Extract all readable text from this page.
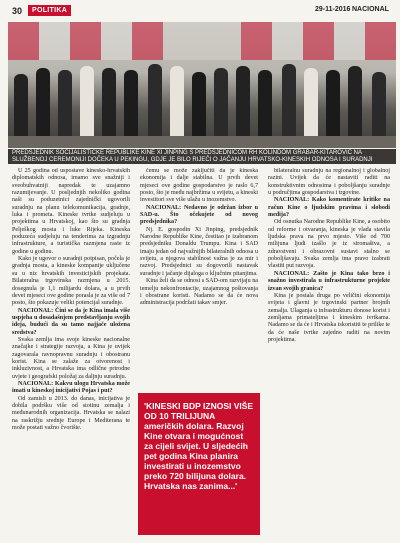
30	POLITIKA	29-11-2016 NACIONAL
PREDSJEDNIK SOCIJALISTIČKE REPUBLIKE KINE XI JINPING S PREDSJEDNICOM RH KOLINDOM GRABAR-KITAROVIĆ NA SLUŽBENOJ CEREMONIJI DOČEKA U PEKINGU, GDJE JE BILO RIJEČI O JAČANJU HRVATSKO-KINESKIH ODNOSA I SURADNJI

U 25 godina od uspostave kinesko-hrvatskih diplomatskih odnosa, imamo sve snažniji i sveobuhvatniji napredak te uzajamno razumijevanje. U posljednjih nekoliko godina naši su poduzetnici zajednički ugovorili suradnju na planu telekomunikacija, gradnje, luka i prometa. Kineske tvrtke sudjeluju u projektima u Hrvatskoj, kao što su gradnja Pelješkog mosta i luke Rijeka. Kineska poduzeća sudjeluju na tenderima za izgradnju infrastrukture, a turistička razmjena raste iz godine u godinu.

Kako je ugovor o suradnji potpisan, počela je gradnja mosta, a kineske kompanije uključene su u niz hrvatskih investicijskih projekata. Bilateralna trgovinska razmjena u 2015. dosegnula je 1,1 milijardu dolara, a u prvih devet mjeseci ove godine porasla je za više od 7 posto, što pokazuje veliki potencijal suradnje.

NACIONAL: Čini se da je Kina imala više uspjeha u dosadašnjem predstavljanju svojih ideja, budući da su tamo najjače uložena sredstva?

Svaka zemlja ima svoje kineske nacionalne značajke i strategije razvoja, a Kina je uvijek zagovarala ravnopravnu suradnju i obostranu korist. Kina se zalaže za otvorenost i inkluzivnost, a Hrvatska ima odlične prirodne uvjete i geografski položaj za daljnju suradnju.

NACIONAL: Kakvu ulogu Hrvatska može imati u kineskoj inicijativi Pojas i put?

Od zamisli u 2013. do danas, inicijativa je dobila podršku više od stotinu zemalja i međunarodnih organizacija. Hrvatska se nalazi na raskrižju srednje Europe i Mediterana te može postati važno čvorište.

čemu se može zaključiti da je kineska ekonomija i dalje stabilna. U prvih devet mjeseci ove godine gospodarstvo je raslo 6,7 posto, što je među najbržima u svijetu, a kineski investitori sve više ulažu u inozemstvo.

NACIONAL: Nedavno je održan izbor u SAD-u. Što očekujete od novog predsjednika?

Nj. E. gospodin Xi Jinping, predsjednik Narodne Republike Kine, čestitao je izabranom predsjedniku Donaldu Trumpu. Kina i SAD imaju jedan od najvažnijih bilateralnih odnosa u svijetu, a njegova stabilnost važna je za mir i razvoj. Predsjednici su dogovorili nastavak suradnje i jačanje dijaloga o ključnim pitanjima.

Kina želi da se odnosi s SAD-om razvijaju na temelju nekonfrontacije, uzajamnog poštovanja i obostrane koristi. Nadamo se da će nova administracija podržati takav smjer.

bilateralnu suradnju na regionalnoj i globalnoj razini. Uvijek da će nastaviti raditi na konstruktivnim odnosima i poboljšanju suradnje u područjima gospodarstva i trgovine.

NACIONAL: Kako komentirate kritike na račun Kine o ljudskim pravima i slobodi medija?

Od osnutka Narodne Republike Kine, a osobito od reforme i otvaranja, kineska je vlada stavila ljudska prava na prvo mjesto. Više od 700 milijuna ljudi izašlo je iz siromaštva, a zdravstveni i obrazovni sustavi stalno se poboljšavaju. Svaka zemlja ima pravo izabrati vlastiti put razvoja.

NACIONAL: Zašto je Kina tako brzo i snažno investirala u infrastrukturne projekte izvan svojih granica?

Kina je postala druga po veličini ekonomija svijeta i glavni je trgovinski partner brojnih zemalja. Ulaganja u infrastrukturu donose korist i zemljama primateljima i kineskim tvrtkama. Nadamo se da će i Hrvatska iskoristiti te prilike te da će naše tvrtke zajedno raditi na novim projektima.

'KINESKI BDP IZNOSI VIŠE OD 10 TRILIJUNA američkih dolara. Razvoj Kine otvara i mogućnost za cijeli svijet. U sljedećih pet godina Kina planira investirati u inozemstvo preko 720 bilijuna dolara. Hrvatska nas zanima...'
